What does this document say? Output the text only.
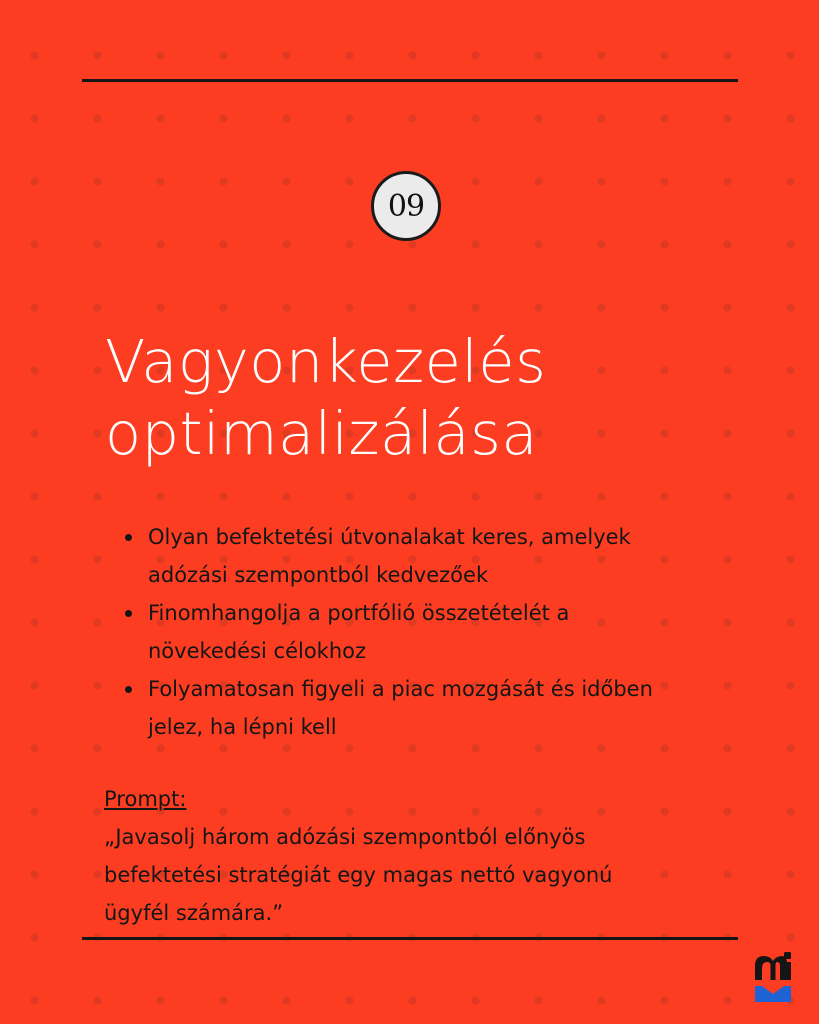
09
Vagyonkezelés
optimalizálása
Olyan befektetési útvonalakat keres, amelyek
adózási szempontból kedvezőek
Finomhangolja a portfólió összetételét a
növekedési célokhoz
Folyamatosan figyeli a piac mozgását és időben
jelez, ha lépni kell
Prompt:
„Javasolj három adózási szempontból előnyös
befektetési stratégiát egy magas nettó vagyonú
ügyfél számára.”
